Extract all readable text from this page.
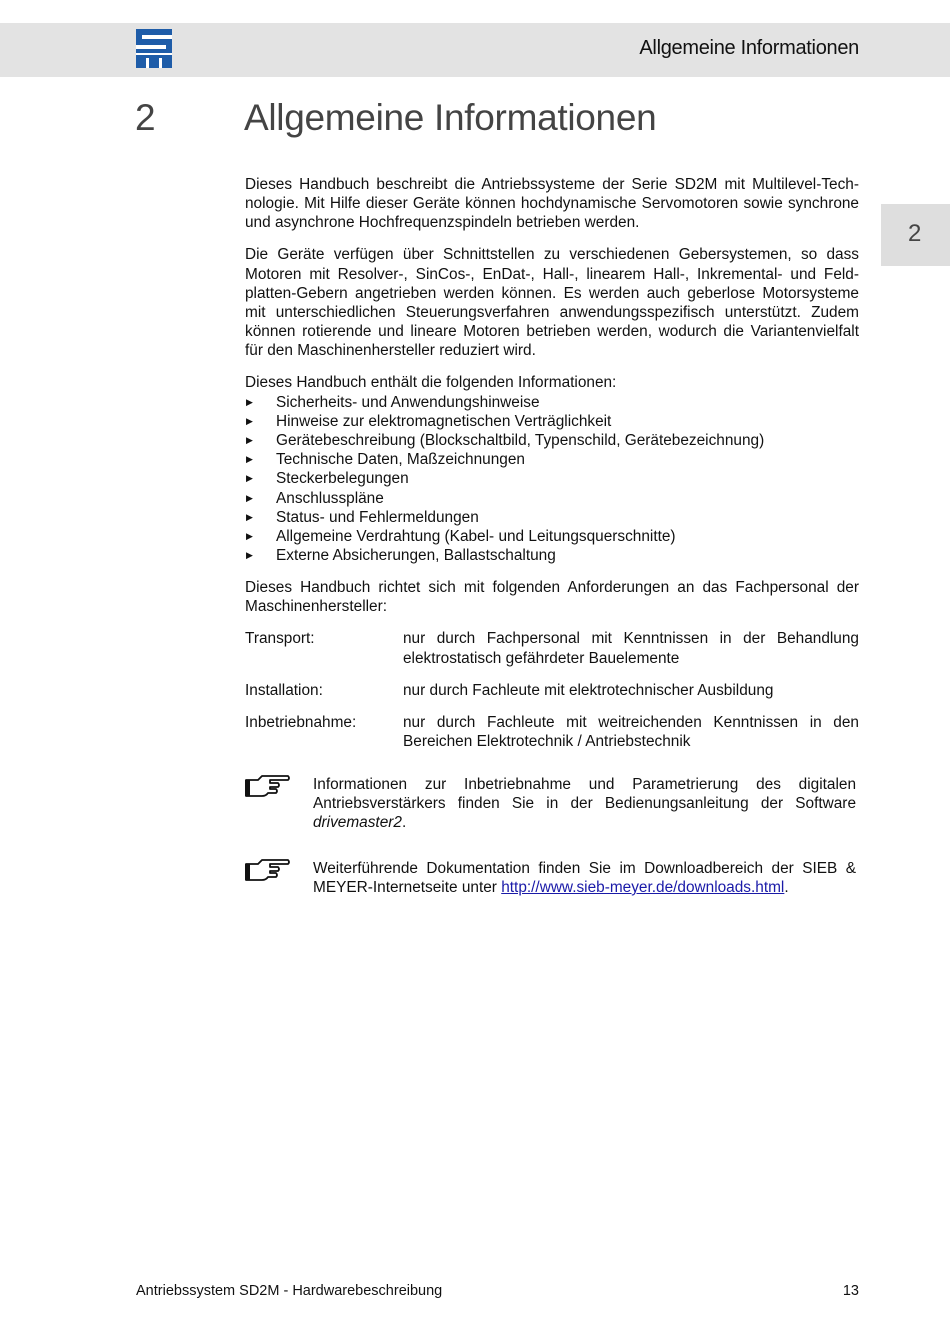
Allgemeine Informationen
2 Allgemeine Informationen
2

Dieses Handbuch beschreibt die Antriebssysteme der Serie SD2M mit Multilevel-Technologie. Mit Hilfe dieser Geräte können hochdynamische Servomotoren sowie synchrone und asynchrone Hochfrequenzspindeln betrieben werden.

Die Geräte verfügen über Schnittstellen zu verschiedenen Gebersystemen, so dass Motoren mit Resolver-, SinCos-, EnDat-, Hall-, linearem Hall-, Inkremental- und Feldplatten-Gebern angetrieben werden können. Es werden auch geberlose Motorsysteme mit unterschiedlichen Steuerungsverfahren anwendungsspezifisch unterstützt. Zudem können rotierende und lineare Motoren betrieben werden, wodurch die Variantenvielfalt für den Maschinenhersteller reduziert wird.

Dieses Handbuch enthält die folgenden Informationen:
▶ Sicherheits- und Anwendungshinweise
▶ Hinweise zur elektromagnetischen Verträglichkeit
▶ Gerätebeschreibung (Blockschaltbild, Typenschild, Gerätebezeichnung)
▶ Technische Daten, Maßzeichnungen
▶ Steckerbelegungen
▶ Anschlusspläne
▶ Status- und Fehlermeldungen
▶ Allgemeine Verdrahtung (Kabel- und Leitungsquerschnitte)
▶ Externe Absicherungen, Ballastschaltung

Dieses Handbuch richtet sich mit folgenden Anforderungen an das Fachpersonal der Maschinenhersteller:

Transport:	nur durch Fachpersonal mit Kenntnissen in der Behandlung elektrostatisch gefährdeter Bauelemente
Installation:	nur durch Fachleute mit elektrotechnischer Ausbildung
Inbetriebnahme:	nur durch Fachleute mit weitreichenden Kenntnissen in den Bereichen Elektrotechnik / Antriebstechnik

Informationen zur Inbetriebnahme und Parametrierung des digitalen Antriebsverstärkers finden Sie in der Bedienungsanleitung der Software drivemaster2.

Weiterführende Dokumentation finden Sie im Downloadbereich der SIEB & MEYER-Internetseite unter http://www.sieb-meyer.de/downloads.html.

Antriebssystem SD2M - Hardwarebeschreibung	13
